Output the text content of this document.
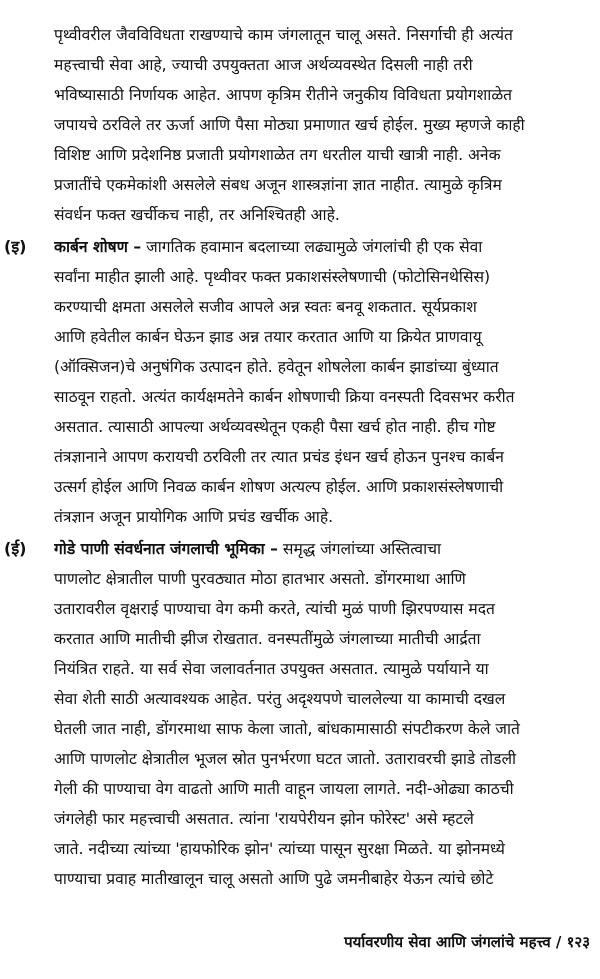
पृथ्वीवरील जैवविविधता राखण्याचे काम जंगलातून चालू असते. निसर्गाची ही अत्यंत
महत्त्वाची सेवा आहे, ज्याची उपयुक्तता आज अर्थव्यवस्थेत दिसली नाही तरी
भविष्यासाठी निर्णायक आहेत. आपण कृत्रिम रीतीने जनुकीय विविधता प्रयोगशाळेत
जपायचे ठरविले तर ऊर्जा आणि पैसा मोठ्या प्रमाणात खर्च होईल. मुख्य म्हणजे काही
विशिष्ट आणि प्रदेशनिष्ठ प्रजाती प्रयोगशाळेत तग धरतील याची खात्री नाही. अनेक
प्रजातींचे एकमेकांशी असलेले संबध अजून शास्त्रज्ञांना ज्ञात नाहीत. त्यामुळे कृत्रिम
संवर्धन फक्त खर्चीकच नाही, तर अनिश्चितही आहे.
(इ) कार्बन शोषण – जागतिक हवामान बदलाच्या लढ्यामुळे जंगलांची ही एक सेवा
सर्वांना माहीत झाली आहे. पृथ्वीवर फक्त प्रकाशसंस्लेषणाची (फोटोसिनथेसिस)
करण्याची क्षमता असलेले सजीव आपले अन्न स्वतः बनवू शकतात. सूर्यप्रकाश
आणि हवेतील कार्बन घेऊन झाड अन्न तयार करतात आणि या क्रियेत प्राणवायू
(ऑक्सिजन)चे अनुषंगिक उत्पादन होते. हवेतून शोषलेला कार्बन झाडांच्या बुंध्यात
साठवून राहतो. अत्यंत कार्यक्षमतेने कार्बन शोषणाची क्रिया वनस्पती दिवसभर करीत
असतात. त्यासाठी आपल्या अर्थव्यवस्थेतून एकही पैसा खर्च होत नाही. हीच गोष्ट
तंत्रज्ञानाने आपण करायची ठरविली तर त्यात प्रचंड इंधन खर्च होऊन पुनश्च कार्बन
उत्सर्ग होईल आणि निवळ कार्बन शोषण अत्यल्प होईल. आणि प्रकाशसंस्लेषणाची
तंत्रज्ञान अजून प्रायोगिक आणि प्रचंड खर्चीक आहे.
(ई) गोडे पाणी संवर्धनात जंगलाची भूमिका – समृद्ध जंगलांच्या अस्तित्वाचा
पाणलोट क्षेत्रातील पाणी पुरवठ्यात मोठा हातभार असतो. डोंगरमाथा आणि
उतारावरील वृक्षराई पाण्याचा वेग कमी करते, त्यांची मुळं पाणी झिरपण्यास मदत
करतात आणि मातीची झीज रोखतात. वनस्पतींमुळे जंगलाच्या मातीची आर्द्रता
नियंत्रित राहते. या सर्व सेवा जलावर्तनात उपयुक्त असतात. त्यामुळे पर्यायाने या
सेवा शेती साठी अत्यावश्यक आहेत. परंतु अदृश्यपणे चाललेल्या या कामाची दखल
घेतली जात नाही, डोंगरमाथा साफ केला जातो, बांधकामासाठी संपटीकरण केले जाते
आणि पाणलोट क्षेत्रातील भूजल स्रोत पुनर्भरणा घटत जातो. उतारावरची झाडे तोडली
गेली की पाण्याचा वेग वाढतो आणि माती वाहून जायला लागते. नदी-ओढ्या काठची
जंगलेही फार महत्त्वाची असतात. त्यांना 'रायपेरीयन झोन फोरेस्ट' असे म्हटले
जाते. नदीच्या त्यांच्या 'हायफोरिक झोन' त्यांच्या पासून सुरक्षा मिळते. या झोनमध्ये
पाण्याचा प्रवाह मातीखालून चालू असतो आणि पुढे जमनीबाहेर येऊन त्यांचे छोटे
पर्यावरणीय सेवा आणि जंगलांचे महत्त्व / १२३
